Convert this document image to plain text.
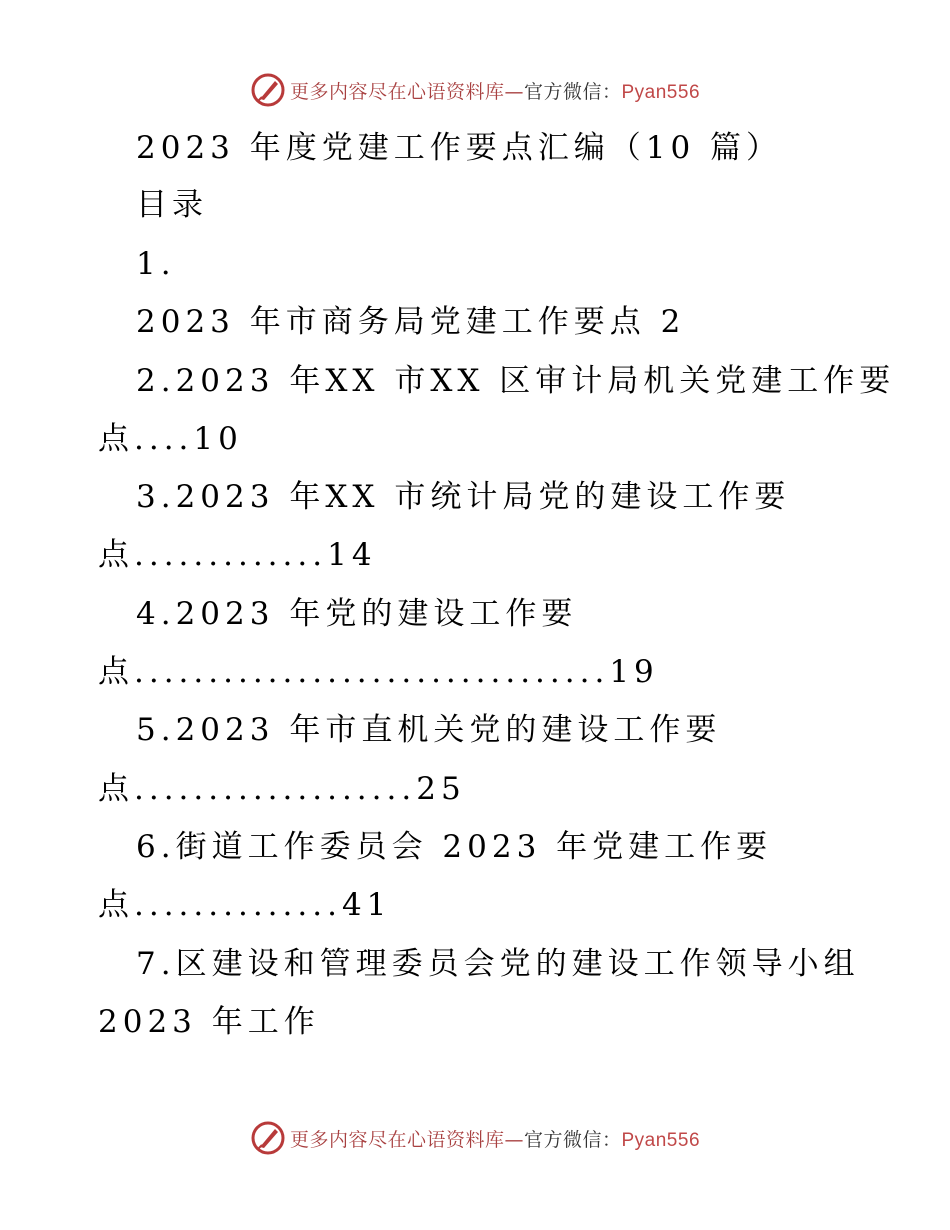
更多内容尽在心语资料库—官方微信：Pyan556
2023 年度党建工作要点汇编（10 篇）
目录
1.
2023 年市商务局党建工作要点 2
2.2023 年XX 市XX 区审计局机关党建工作要
点....10
3.2023 年XX 市统计局党的建设工作要
点.............14
4.2023 年党的建设工作要
点................................19
5.2023 年市直机关党的建设工作要
点...................25
6.街道工作委员会 2023 年党建工作要
点..............41
7.区建设和管理委员会党的建设工作领导小组
2023 年工作
更多内容尽在心语资料库—官方微信：Pyan556
